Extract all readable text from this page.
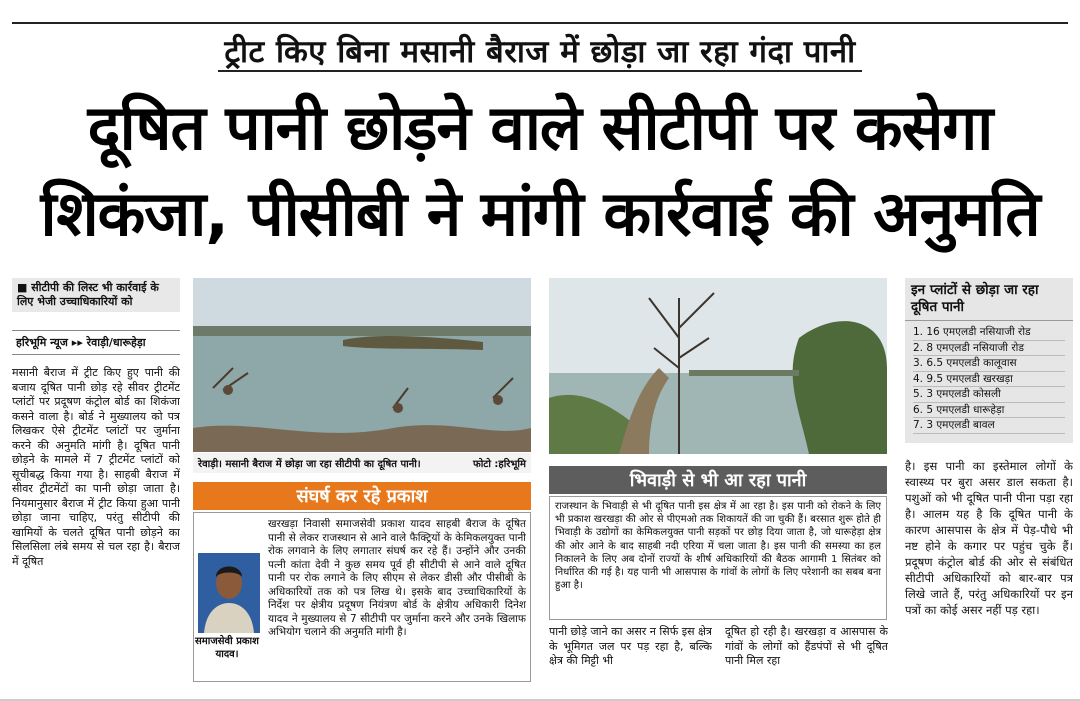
ट्रीट किए बिना मसानी बैराज में छोड़ा जा रहा गंदा पानी
दूषित पानी छोड़ने वाले सीटीपी पर कसेगा
शिकंजा, पीसीबी ने मांगी कार्रवाई की अनुमति
■ सीटीपी की लिस्ट भी कार्रवाई के लिए भेजी उच्चाधिकारियों को
हरिभूमि न्यूज ▸▸ रेवाड़ी/धारूहेड़ा
मसानी बैराज में ट्रीट किए हुए पानी की बजाय दूषित पानी छोड़ रहे सीवर ट्रीटमेंट प्लांटों पर प्रदूषण कंट्रोल बोर्ड का शिकंजा कसने वाला है। बोर्ड ने मुख्यालय को पत्र लिखकर ऐसे ट्रीटमेंट प्लांटों पर जुर्माना करने की अनुमति मांगी है। दूषित पानी छोड़ने के मामले में 7 ट्रीटमेंट प्लांटों को सूचीबद्ध किया गया है। साहबी बैराज में सीवर ट्रीटमेंटों का पानी छोड़ा जाता है। नियमानुसार बैराज में ट्रीट किया हुआ पानी छोड़ा जाना चाहिए, परंतु सीटीपी की खामियों के चलते दूषित पानी छोड़ने का सिलसिला लंबे समय से चल रहा है। बैराज में दूषित
रेवाड़ी। मसानी बैराज में छोड़ा जा रहा सीटीपी का दूषित पानी।	फोटो :हरिभूमि
संघर्ष कर रहे प्रकाश
खरखड़ा निवासी समाजसेवी प्रकाश यादव साहबी बैराज के दूषित पानी से लेकर राजस्थान से आने वाले फैक्ट्रियों के केमिकलयुक्त पानी रोक लगवाने के लिए लगातार संघर्ष कर रहे हैं। उन्होंने और उनकी पत्नी कांता देवी ने कुछ समय पूर्व ही सीटीपी से आने वाले दूषित पानी पर रोक लगाने के लिए सीएम से लेकर डीसी और पीसीबी के अधिकारियों तक को पत्र लिख थे। इसके बाद उच्चाधिकारियों के निर्देश पर क्षेत्रीय प्रदूषण नियंत्रण बोर्ड के क्षेत्रीय अधिकारी दिनेश यादव ने मुख्यालय से 7 सीटीपी पर जुर्माना करने और उनके खिलाफ अभियोग चलाने की अनुमति मांगी है।
समाजसेवी प्रकाश यादव।
भिवाड़ी से भी आ रहा पानी
राजस्थान के भिवाड़ी से भी दूषित पानी इस क्षेत्र में आ रहा है। इस पानी को रोकने के लिए भी प्रकाश खरखड़ा की ओर से पीएमओ तक शिकायतें की जा चुकी हैं। बरसात शुरू होते ही भिवाड़ी के उद्योगों का केमिकलयुक्त पानी सड़कों पर छोड़ दिया जाता है, जो धारूहेड़ा क्षेत्र की ओर आने के बाद साहबी नदी एरिया में चला जाता है। इस पानी की समस्या का हल निकालने के लिए अब दोनों राज्यों के शीर्ष अधिकारियों की बैठक आगामी 1 सितंबर को निर्धारित की गई है। यह पानी भी आसपास के गांवों के लोगों के लिए परेशानी का सबब बना हुआ है।
पानी छोड़े जाने का असर न सिर्फ इस क्षेत्र के भूमिगत जल पर पड़ रहा है, बल्कि क्षेत्र की मिट्टी भी
दूषित हो रही है। खरखड़ा व आसपास के गांवों के लोगों को हैंडपंपों से भी दूषित पानी मिल रहा
इन प्लांटों से छोड़ा जा रहा दूषित पानी
1. 16 एमएलडी नसियाजी रोड
2. 8 एमएलडी नसियाजी रोड
3. 6.5 एमएलडी कालूवास
4. 9.5 एमएलडी खरखड़ा
5. 3 एमएलडी कोसली
6. 5 एमएलडी धारूहेड़ा
7. 3 एमएलडी बावल
है। इस पानी का इस्तेमाल लोगों के स्वास्थ्य पर बुरा असर डाल सकता है। पशुओं को भी दूषित पानी पीना पड़ा रहा है। आलम यह है कि दूषित पानी के कारण आसपास के क्षेत्र में पेड़-पौधे भी नष्ट होने के कगार पर पहुंच चुके हैं। प्रदूषण कंट्रोल बोर्ड की ओर से संबंधित सीटीपी अधिकारियों को बार-बार पत्र लिखे जाते हैं, परंतु अधिकारियों पर इन पत्रों का कोई असर नहीं पड़ रहा।
